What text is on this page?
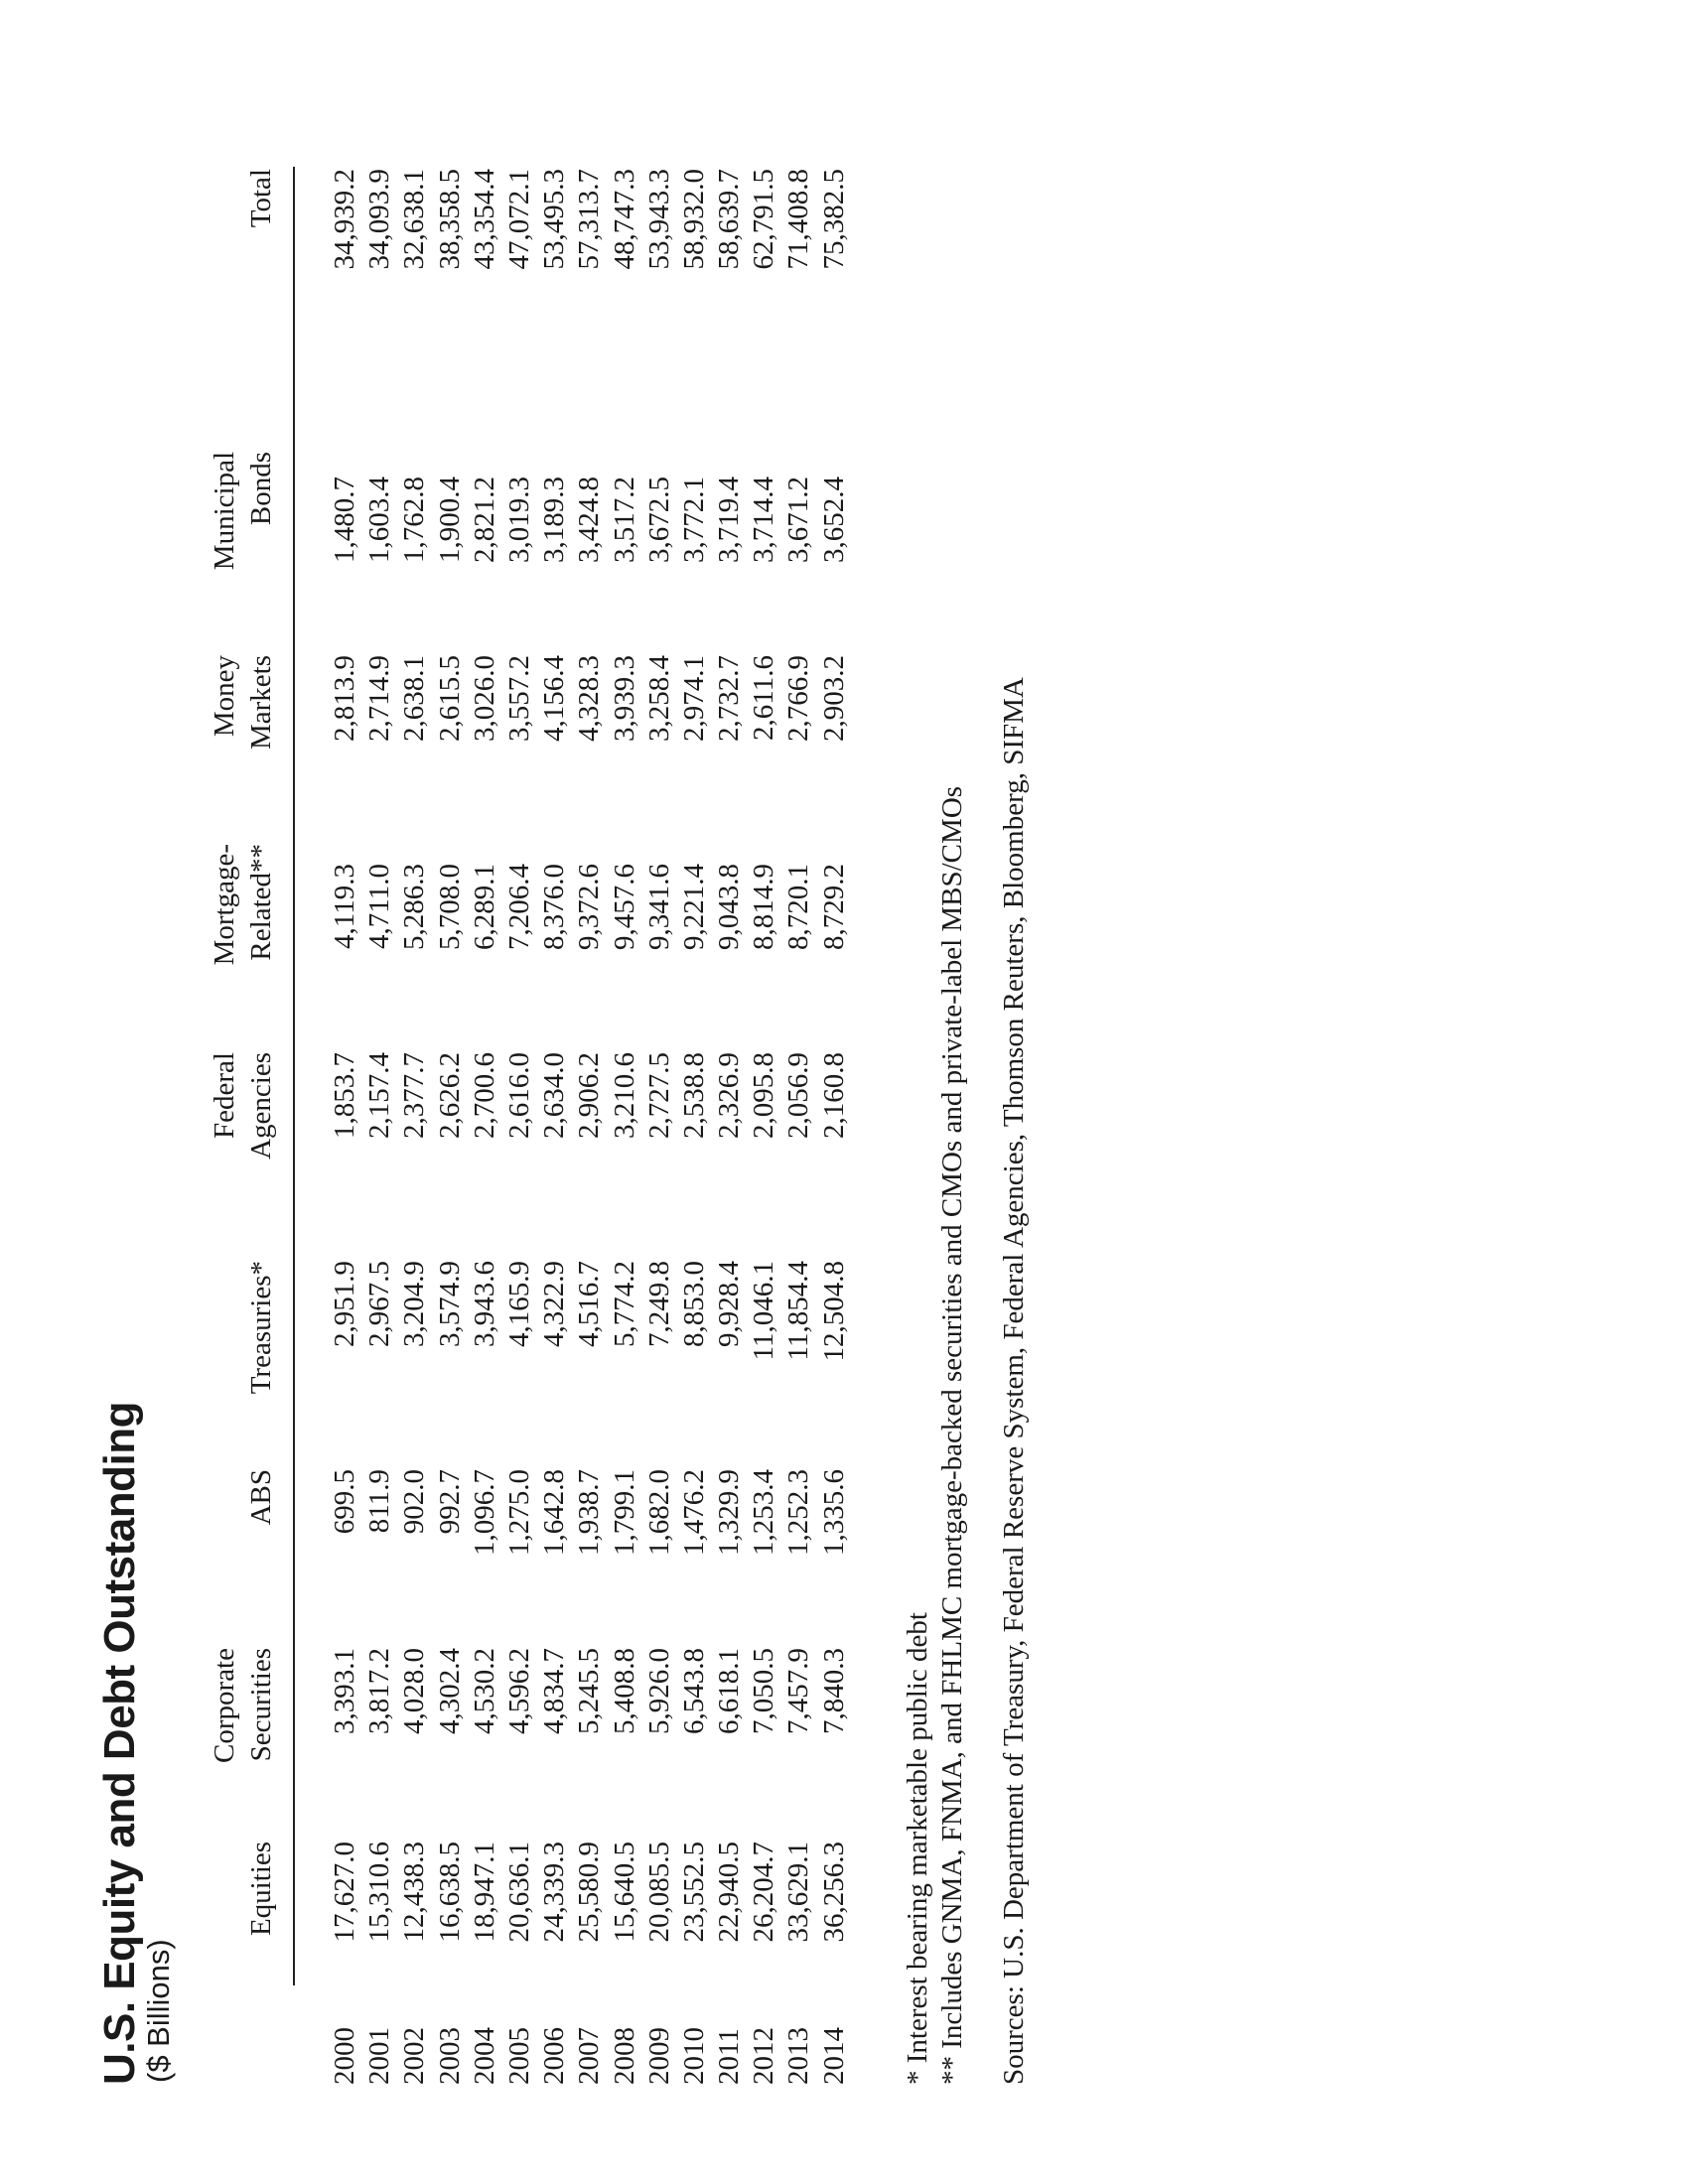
U.S. Equity and Debt Outstanding
($ Billions)
Equities
Corporate Securities
ABS
Treasuries*
Federal Agencies
Mortgage- Related**
Money Markets
Municipal Bonds
Total
2000 2001 2002 2003 2004 2005 2006 2007 2008 2009 2010 2011 2012 2013 2014
17,627.0 15,310.6 12,438.3 16,638.5 18,947.1 20,636.1 24,339.3 25,580.9 15,640.5 20,085.5 23,552.5 22,940.5 26,204.7 33,629.1 36,256.3
3,393.1 3,817.2 4,028.0 4,302.4 4,530.2 4,596.2 4,834.7 5,245.5 5,408.8 5,926.0 6,543.8 6,618.1 7,050.5 7,457.9 7,840.3
699.5 811.9 902.0 992.7 1,096.7 1,275.0 1,642.8 1,938.7 1,799.1 1,682.0 1,476.2 1,329.9 1,253.4 1,252.3 1,335.6
2,951.9 2,967.5 3,204.9 3,574.9 3,943.6 4,165.9 4,322.9 4,516.7 5,774.2 7,249.8 8,853.0 9,928.4 11,046.1 11,854.4 12,504.8
1,853.7 2,157.4 2,377.7 2,626.2 2,700.6 2,616.0 2,634.0 2,906.2 3,210.6 2,727.5 2,538.8 2,326.9 2,095.8 2,056.9 2,160.8
4,119.3 4,711.0 5,286.3 5,708.0 6,289.1 7,206.4 8,376.0 9,372.6 9,457.6 9,341.6 9,221.4 9,043.8 8,814.9 8,720.1 8,729.2
2,813.9 2,714.9 2,638.1 2,615.5 3,026.0 3,557.2 4,156.4 4,328.3 3,939.3 3,258.4 2,974.1 2,732.7 2,611.6 2,766.9 2,903.2
1,480.7 1,603.4 1,762.8 1,900.4 2,821.2 3,019.3 3,189.3 3,424.8 3,517.2 3,672.5 3,772.1 3,719.4 3,714.4 3,671.2 3,652.4
34,939.2 34,093.9 32,638.1 38,358.5 43,354.4 47,072.1 53,495.3 57,313.7 48,747.3 53,943.3 58,932.0 58,639.7 62,791.5 71,408.8 75,382.5
* Interest bearing marketable public debt ** Includes GNMA, FNMA, and FHLMC mortgage-backed securities and CMOs and private-label MBS/CMOs Sources: U.S. Department of Treasury, Federal Reserve System, Federal Agencies, Thomson Reuters, Bloomberg, SIFMA
